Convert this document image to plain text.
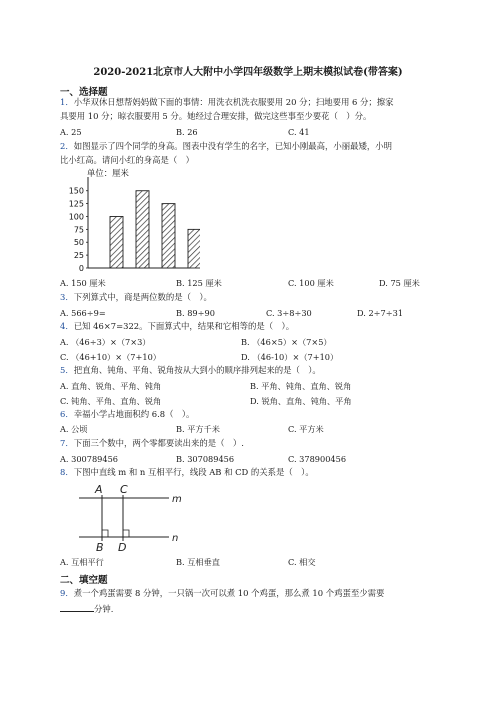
2020-2021北京市人大附中小学四年级数学上期末模拟试卷(带答案)
一、选择题
1．小华双休日想帮妈妈做下面的事情：用洗衣机洗衣服要用 20 分；扫地要用 6 分；擦家
具要用 10 分；晾衣服要用 5 分。她经过合理安排，做完这些事至少要花（　）分。
A. 25	B. 26	C. 41
2．如图显示了四个同学的身高。图表中没有学生的名字，已知小刚最高，小丽最矮，小明
比小红高。请问小红的身高是（　）
单位：厘米
0
25
50
75
100
125
150
A. 150 厘米	B. 125 厘米	C. 100 厘米	D. 75 厘米
3．下列算式中，商是两位数的是（　）。
A. 566÷9=	B. 89÷90	C. 3÷8÷30	D. 2÷7÷31
4．已知 46×7=322。下面算式中，结果和它相等的是（　）。
A. （46÷3）×（7×3）	B. （46×5）×（7×5）
C. （46+10）×（7+10）	D. （46-10）×（7+10）
5．把直角、钝角、平角、锐角按从大到小的顺序排列起来的是（　）。
A. 直角、锐角、平角、钝角	B. 平角、钝角、直角、锐角
C. 钝角、平角、直角、锐角	D. 锐角、直角、钝角、平角
6．幸福小学占地面积约 6.8（　）。
A. 公顷	B. 平方千米	C. 平方米
7．下面三个数中，两个零都要读出来的是（　）.
A. 300789456	B. 307089456	C. 378900456
8．下图中直线 m 和 n 互相平行，线段 AB 和 CD 的关系是（　）。
A C
B D
m
n
A. 互相平行	B. 互相垂直	C. 相交
二、填空题
9．煮一个鸡蛋需要 8 分钟，一只锅一次可以煮 10 个鸡蛋，那么煮 10 个鸡蛋至少需要
分钟.
